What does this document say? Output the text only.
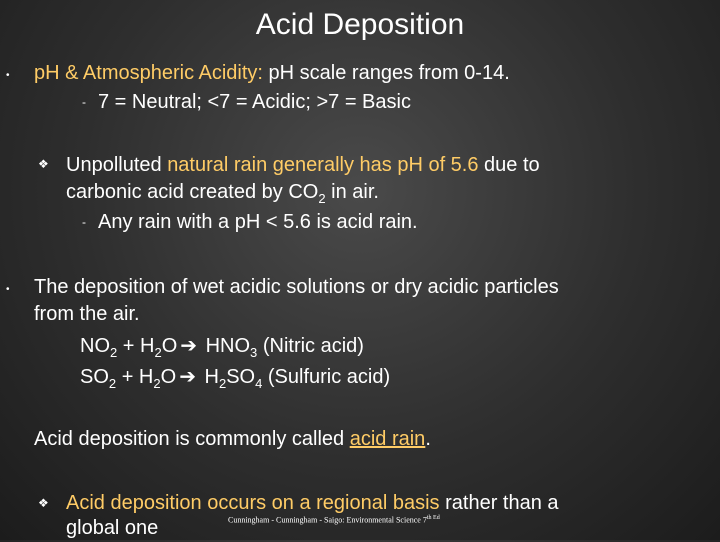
Acid Deposition
• pH & Atmospheric Acidity: pH scale ranges from 0-14.
- 7 = Neutral; <7 = Acidic; >7 = Basic
❖ Unpolluted natural rain generally has pH of 5.6 due to
carbonic acid created by $CO_2$ in air.
- Any rain with a pH < 5.6 is acid rain.
• The deposition of wet acidic solutions or dry acidic particles
from the air.
$NO_2 + H_2O$ ➔ $HNO_3$ (Nitric acid)
$SO_2 + H_2O$ ➔ $H_2SO_4$ (Sulfuric acid)
Acid deposition is commonly called acid rain.
❖ Acid deposition occurs on a regional basis rather than a
global one	Cunningham - Cunningham - Saigo: Environmental Science $7^{th Ed}$
